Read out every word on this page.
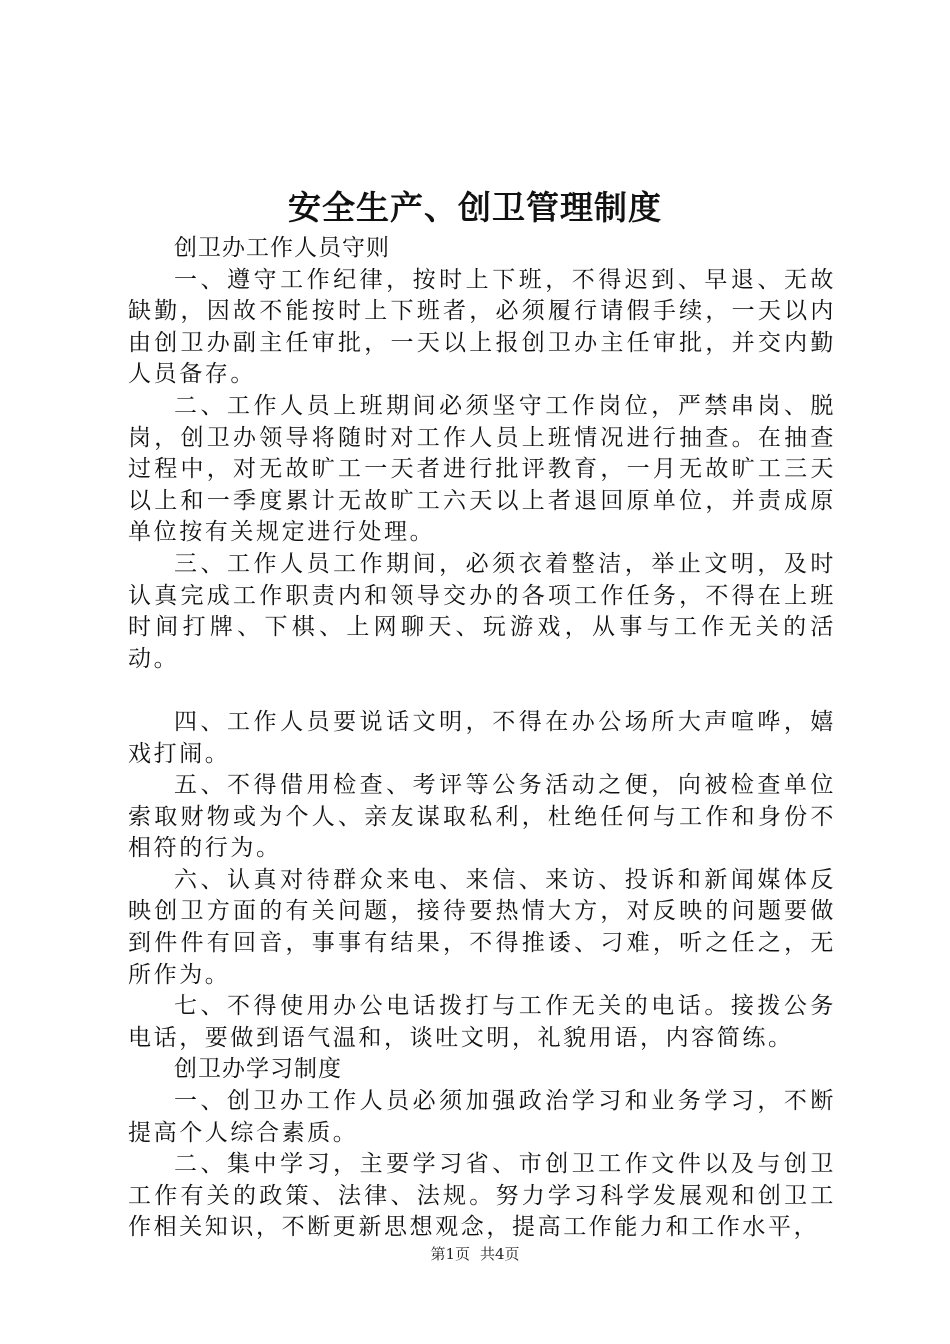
安全生产、创卫管理制度

创卫办工作人员守则

一、遵守工作纪律，按时上下班，不得迟到、早退、无故缺勤，因故不能按时上下班者，必须履行请假手续，一天以内由创卫办副主任审批，一天以上报创卫办主任审批，并交内勤人员备存。

二、工作人员上班期间必须坚守工作岗位，严禁串岗、脱岗，创卫办领导将随时对工作人员上班情况进行抽查。在抽查过程中，对无故旷工一天者进行批评教育，一月无故旷工三天以上和一季度累计无故旷工六天以上者退回原单位，并责成原单位按有关规定进行处理。

三、工作人员工作期间，必须衣着整洁，举止文明，及时认真完成工作职责内和领导交办的各项工作任务，不得在上班时间打牌、下棋、上网聊天、玩游戏，从事与工作无关的活动。

四、工作人员要说话文明，不得在办公场所大声喧哗，嬉戏打闹。

五、不得借用检查、考评等公务活动之便，向被检查单位索取财物或为个人、亲友谋取私利，杜绝任何与工作和身份不相符的行为。

六、认真对待群众来电、来信、来访、投诉和新闻媒体反映创卫方面的有关问题，接待要热情大方，对反映的问题要做到件件有回音，事事有结果，不得推诿、刁难，听之任之，无所作为。

七、不得使用办公电话拨打与工作无关的电话。接拨公务电话，要做到语气温和，谈吐文明，礼貌用语，内容简练。

创卫办学习制度

一、创卫办工作人员必须加强政治学习和业务学习，不断提高个人综合素质。

二、集中学习，主要学习省、市创卫工作文件以及与创卫工作有关的政策、法律、法规。努力学习科学发展观和创卫工作相关知识，不断更新思想观念，提高工作能力和工作水平，

第1页 共4页
